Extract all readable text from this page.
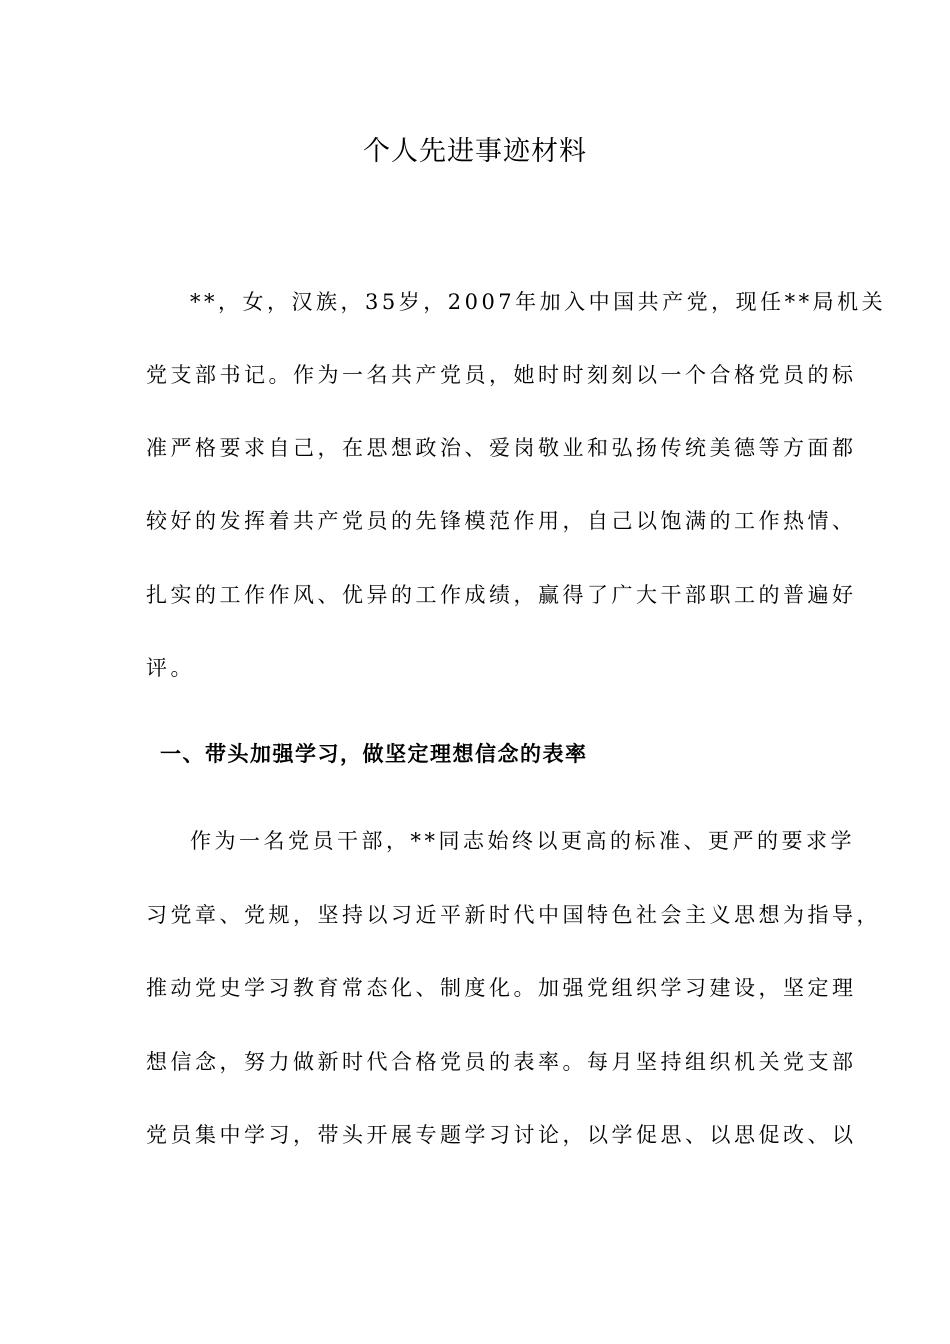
个人先进事迹材料
**，女，汉族，35岁，2007年加入中国共产党，现任**局机关
党支部书记。作为一名共产党员，她时时刻刻以一个合格党员的标
准严格要求自己，在思想政治、爱岗敬业和弘扬传统美德等方面都
较好的发挥着共产党员的先锋模范作用，自己以饱满的工作热情、
扎实的工作作风、优异的工作成绩，赢得了广大干部职工的普遍好
评。
一、带头加强学习，做坚定理想信念的表率
作为一名党员干部，**同志始终以更高的标准、更严的要求学
习党章、党规，坚持以习近平新时代中国特色社会主义思想为指导，
推动党史学习教育常态化、制度化。加强党组织学习建设，坚定理
想信念，努力做新时代合格党员的表率。每月坚持组织机关党支部
党员集中学习，带头开展专题学习讨论，以学促思、以思促改、以
